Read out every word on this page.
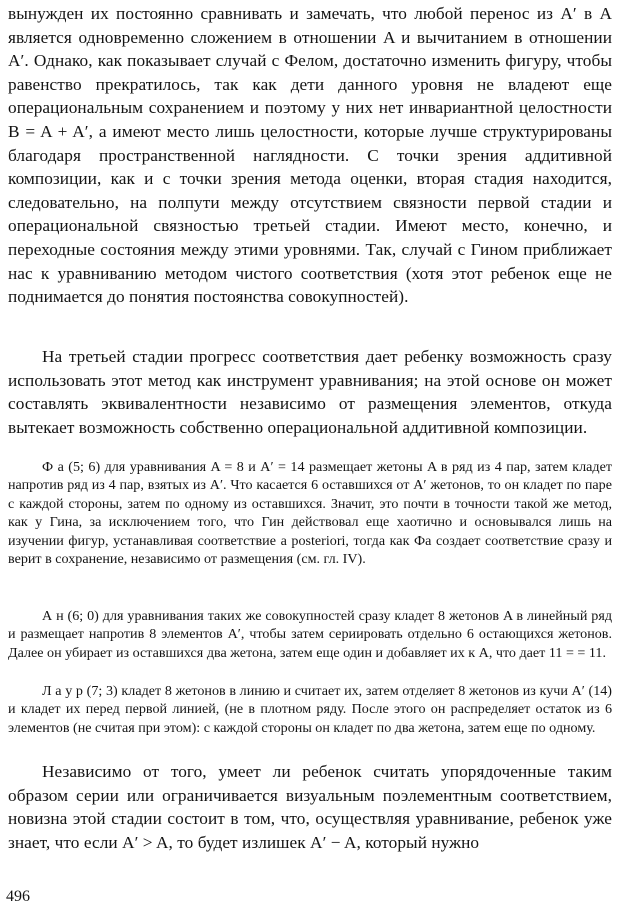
вынужден их постоянно сравнивать и замечать, что любой перенос из A′ в A является одновременно сложением в отношении A и вычитанием в отношении A′. Однако, как показывает случай с Фелом, достаточно изменить фигуру, чтобы равенство прекратилось, так как дети данного уровня не владеют еще операциональным сохранением и поэтому у них нет инвариантной целостности B = A + A′, а имеют место лишь целостности, которые лучше структурированы благодаря пространственной наглядности. С точки зрения аддитивной композиции, как и с точки зрения метода оценки, вторая стадия находится, следовательно, на полпути между отсутствием связности первой стадии и операциональной связностью третьей стадии. Имеют место, конечно, и переходные состояния между этими уровнями. Так, случай с Гином приближает нас к уравниванию методом чистого соответствия (хотя этот ребенок еще не поднимается до понятия постоянства совокупностей).

На третьей стадии прогресс соответствия дает ребенку возможность сразу использовать этот метод как инструмент уравнивания; на этой основе он может составлять эквивалентности независимо от размещения элементов, откуда вытекает возможность собственно операциональной аддитивной композиции.

Ф а (5; 6) для уравнивания A = 8 и A′ = 14 размещает жетоны A в ряд из 4 пар, затем кладет напротив ряд из 4 пар, взятых из A′. Что касается 6 оставшихся от A′ жетонов, то он кладет по паре с каждой стороны, затем по одному из оставшихся. Значит, это почти в точности такой же метод, как у Гина, за исключением того, что Гин действовал еще хаотично и основывался лишь на изучении фигур, устанавливая соответствие a posteriori, тогда как Фа создает соответствие сразу и верит в сохранение, независимо от размещения (см. гл. IV).

А н (6; 0) для уравнивания таких же совокупностей сразу кладет 8 жетонов A в линейный ряд и размещает напротив 8 элементов A′, чтобы затем сериировать отдельно 6 остающихся жетонов. Далее он убирает из оставшихся два жетона, затем еще один и добавляет их к A, что дает 11 = = 11.

Л а у р (7; 3) кладет 8 жетонов в линию и считает их, затем отделяет 8 жетонов из кучи A′ (14) и кладет их перед первой линией, (не в плотном ряду. После этого он распределяет остаток из 6 элементов (не считая при этом): с каждой стороны он кладет по два жетона, затем еще по одному.

Независимо от того, умеет ли ребенок считать упорядоченные таким образом серии или ограничивается визуальным поэлементным соответствием, новизна этой стадии состоит в том, что, осуществляя уравнивание, ребенок уже знает, что если A′ > A, то будет излишек A′ − A, который нужно

496
